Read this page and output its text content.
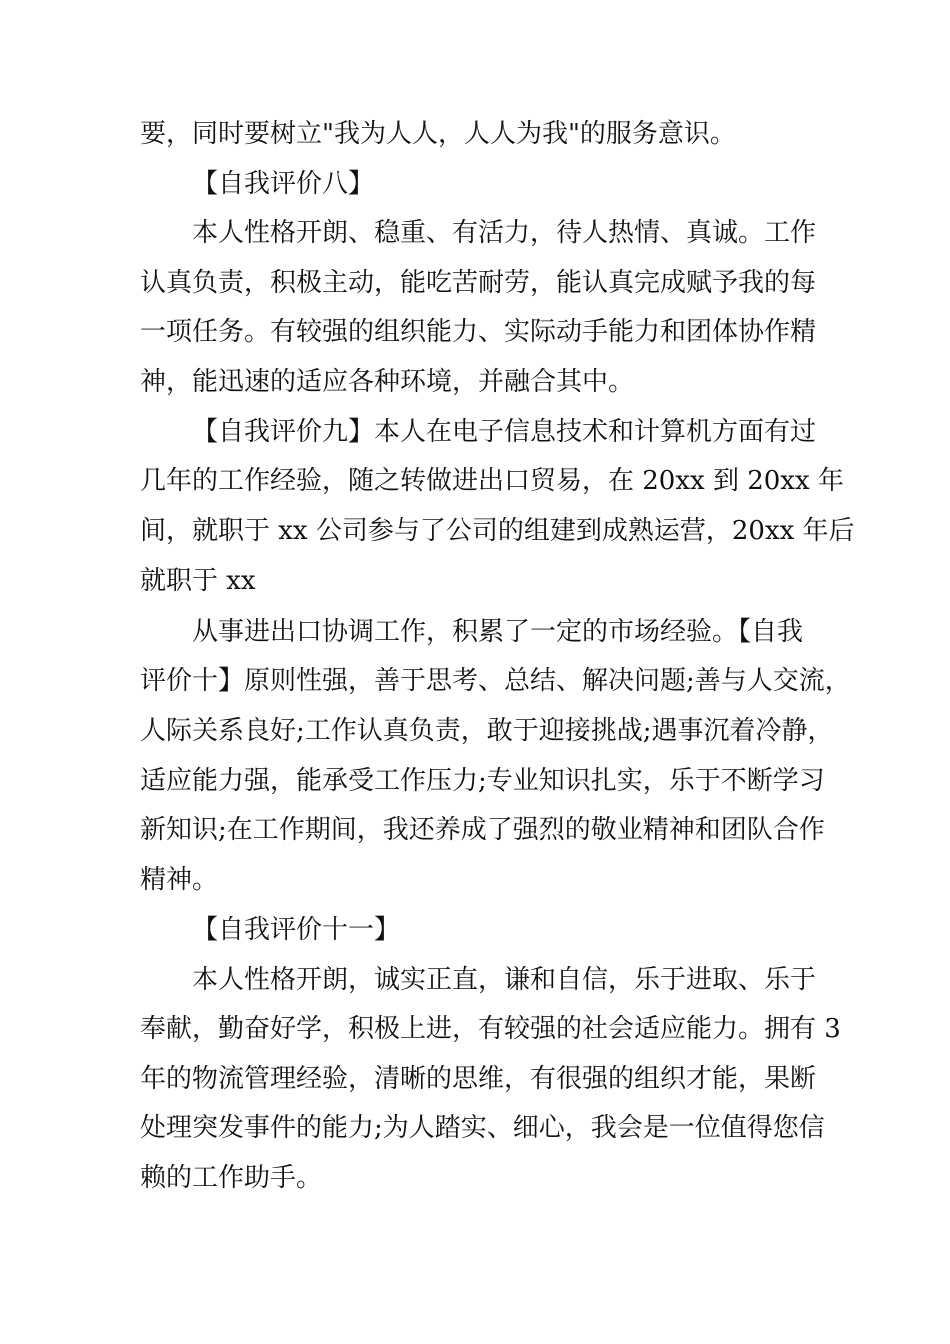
要，同时要树立"我为人人，人人为我"的服务意识。
【自我评价八】
本人性格开朗、稳重、有活力，待人热情、真诚。工作
认真负责，积极主动，能吃苦耐劳，能认真完成赋予我的每
一项任务。有较强的组织能力、实际动手能力和团体协作精
神，能迅速的适应各种环境，并融合其中。
【自我评价九】本人在电子信息技术和计算机方面有过
几年的工作经验，随之转做进出口贸易，在 20xx 到 20xx 年
间，就职于 xx 公司参与了公司的组建到成熟运营，20xx 年后
就职于 xx
从事进出口协调工作，积累了一定的市场经验。【自我
评价十】原则性强，善于思考、总结、解决问题;善与人交流，
人际关系良好;工作认真负责，敢于迎接挑战;遇事沉着冷静，
适应能力强，能承受工作压力;专业知识扎实，乐于不断学习
新知识;在工作期间，我还养成了强烈的敬业精神和团队合作
精神。
【自我评价十一】
本人性格开朗，诚实正直，谦和自信，乐于进取、乐于
奉献，勤奋好学，积极上进，有较强的社会适应能力。拥有 3
年的物流管理经验，清晰的思维，有很强的组织才能，果断
处理突发事件的能力;为人踏实、细心，我会是一位值得您信
赖的工作助手。
